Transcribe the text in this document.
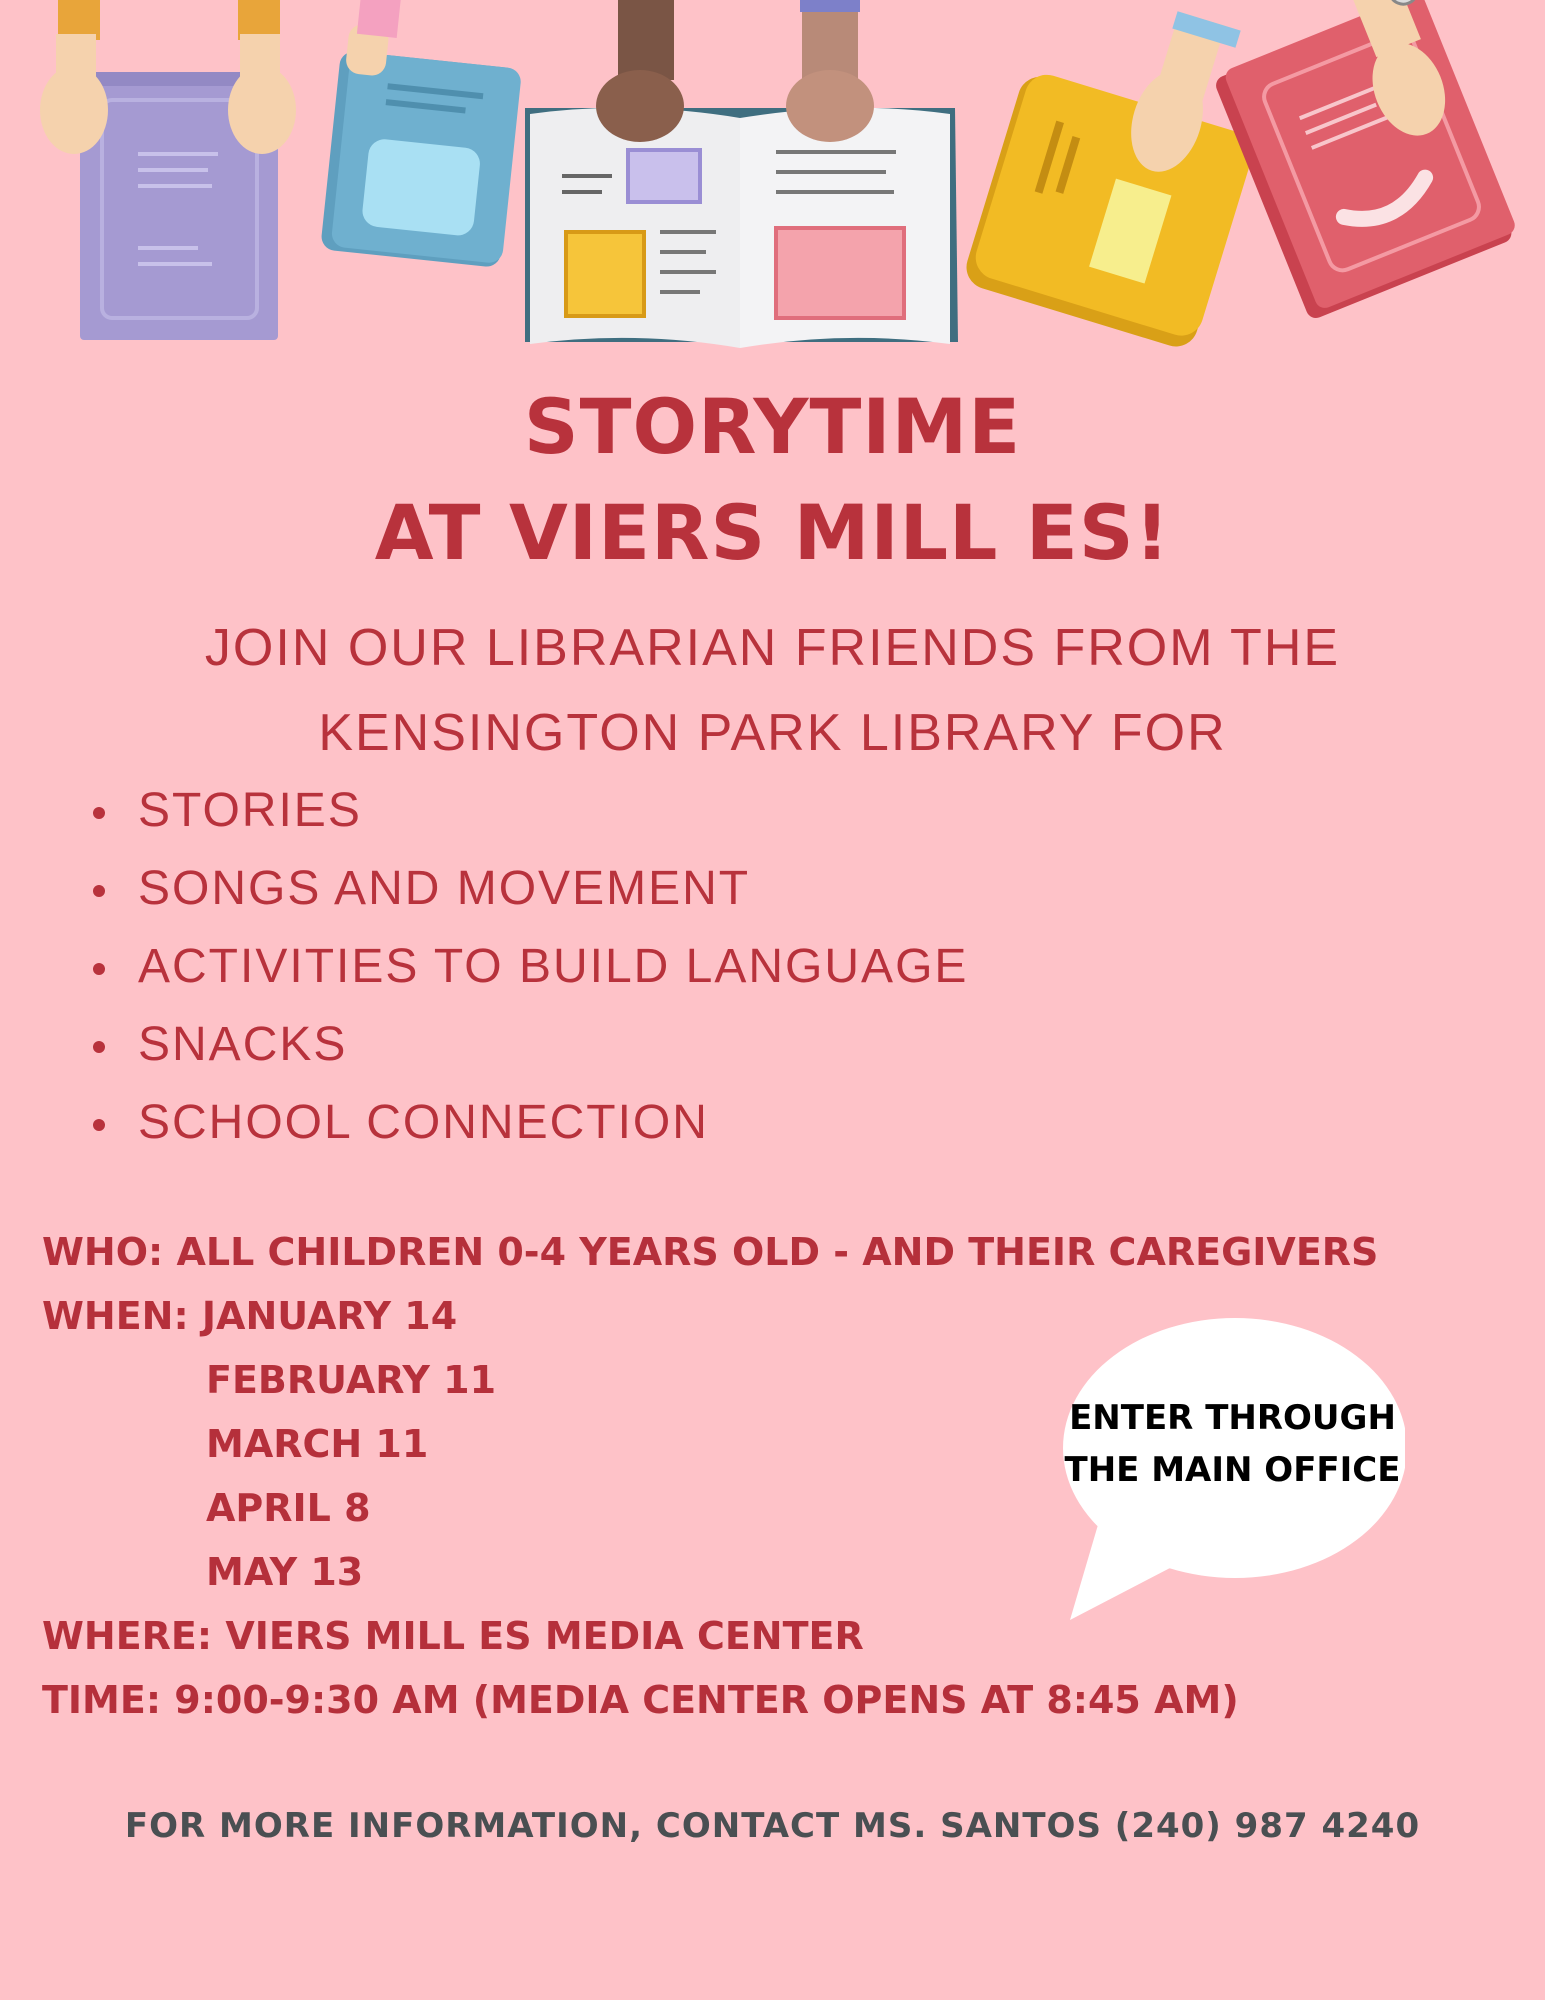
STORYTIME
AT VIERS MILL ES!

JOIN OUR LIBRARIAN FRIENDS FROM THE

KENSINGTON PARK LIBRARY FOR

STORIES
SONGS AND MOVEMENT
ACTIVITIES TO BUILD LANGUAGE
SNACKS
SCHOOL CONNECTION
WHO: ALL CHILDREN 0-4 YEARS OLD - AND THEIR CAREGIVERS
WHEN: JANUARY 14
FEBRUARY 11
MARCH 11
APRIL 8
MAY 13
WHERE: VIERS MILL ES MEDIA CENTER
TIME: 9:00-9:30 AM (MEDIA CENTER OPENS AT 8:45 AM)
ENTER THROUGH
THE MAIN OFFICE
FOR MORE INFORMATION, CONTACT MS. SANTOS (240) 987 4240
